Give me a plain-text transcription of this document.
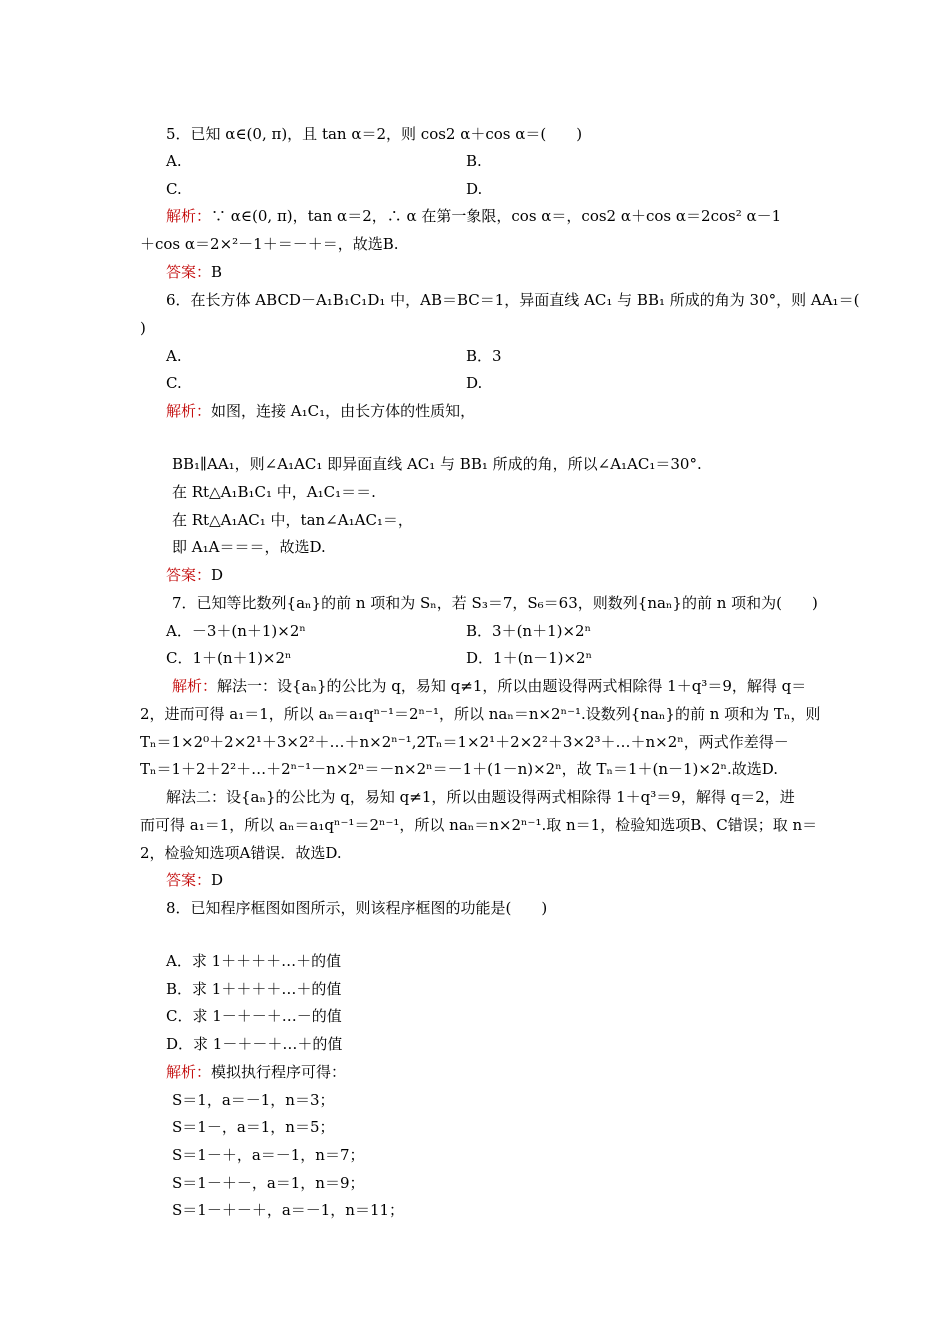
5．已知 α∈(0, π)，且 tan α＝2，则 cos2 α＋cos α＝(　　)
A.	B.
C.	D.
解析：∵ α∈(0, π)，tan α＝2，∴ α 在第一象限，cos α＝，cos2 α＋cos α＝2cos² α－1
＋cos α＝2×²－1＋＝－＋＝，故选B.
答案：B
6．在长方体 ABCD－A₁B₁C₁D₁ 中，AB＝BC＝1，异面直线 AC₁ 与 BB₁ 所成的角为 30°，则 AA₁＝(
)
A.	B．3
C.	D.
解析：如图，连接 A₁C₁，由长方体的性质知，
BB₁∥AA₁，则∠A₁AC₁ 即异面直线 AC₁ 与 BB₁ 所成的角，所以∠A₁AC₁＝30°.
在 Rt△A₁B₁C₁ 中，A₁C₁＝＝.
在 Rt△A₁AC₁ 中，tan∠A₁AC₁＝，
即 A₁A＝＝＝，故选D.
答案：D
7．已知等比数列{aₙ}的前 n 项和为 Sₙ，若 S₃＝7，S₆＝63，则数列{naₙ}的前 n 项和为(　　)
A．－3＋(n＋1)×2ⁿ	B．3＋(n＋1)×2ⁿ
C．1＋(n＋1)×2ⁿ	D．1＋(n－1)×2ⁿ
解析：解法一：设{aₙ}的公比为 q，易知 q≠1，所以由题设得两式相除得 1＋q³＝9，解得 q＝
2，进而可得 a₁＝1，所以 aₙ＝a₁qⁿ⁻¹＝2ⁿ⁻¹，所以 naₙ＝n×2ⁿ⁻¹.设数列{naₙ}的前 n 项和为 Tₙ，则
Tₙ＝1×2⁰＋2×2¹＋3×2²＋…＋n×2ⁿ⁻¹,2Tₙ＝1×2¹＋2×2²＋3×2³＋…＋n×2ⁿ，两式作差得－
Tₙ＝1＋2＋2²＋…＋2ⁿ⁻¹－n×2ⁿ＝－n×2ⁿ＝－1＋(1－n)×2ⁿ，故 Tₙ＝1＋(n－1)×2ⁿ.故选D.
解法二：设{aₙ}的公比为 q，易知 q≠1，所以由题设得两式相除得 1＋q³＝9，解得 q＝2，进
而可得 a₁＝1，所以 aₙ＝a₁qⁿ⁻¹＝2ⁿ⁻¹，所以 naₙ＝n×2ⁿ⁻¹.取 n＝1，检验知选项B、C错误；取 n＝
2，检验知选项A错误．故选D.
答案：D
8．已知程序框图如图所示，则该程序框图的功能是(　　)
A．求 1＋＋＋＋…＋的值
B．求 1＋＋＋＋…＋的值
C．求 1－＋－＋…－的值
D．求 1－＋－＋…＋的值
解析：模拟执行程序可得：
S＝1，a＝－1，n＝3；
S＝1－，a＝1，n＝5；
S＝1－＋，a＝－1，n＝7；
S＝1－＋－，a＝1，n＝9；
S＝1－＋－＋，a＝－1，n＝11；
